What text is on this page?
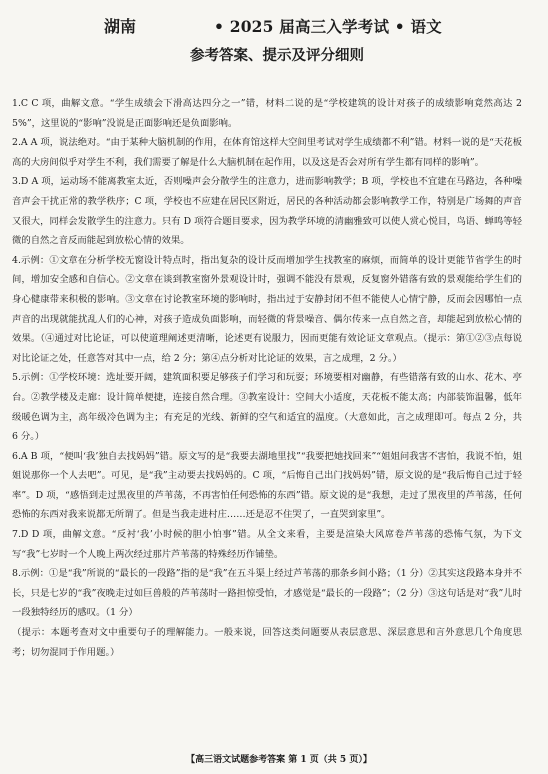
湖南	• 2025 届高三入学考试 • 语文
参考答案、提示及评分细则
1.C C 项，曲解文意。“学生成绩会下滑高达四分之一”错，材料二说的是“学校建筑的设计对孩子的成绩影响竟然高达 25%”，这里说的“影响”没说是正面影响还是负面影响。
2.A A 项，说法绝对。“由于某种大脑机制的作用，在体育馆这样大空间里考试对学生成绩都不利”错。材料一说的是“天花板高的大房间似乎对学生不利，我们需要了解是什么大脑机制在起作用，以及这是否会对所有学生都有同样的影响”。
3.D A 项，运动场不能离教室太近，否则噪声会分散学生的注意力，进而影响教学；B 项，学校也不宜建在马路边，各种噪音声会干扰正常的教学秩序；C 项，学校也不应建在居民区附近，居民的各种活动都会影响教学工作，特别是广场舞的声音又很大，同样会发散学生的注意力。只有 D 项符合题目要求，因为教学环境的清幽雅致可以使人赏心悦目，鸟语、蝉鸣等轻微的自然之音反而能起到放松心情的效果。
4.示例：①文章在分析学校无窗设计特点时，指出复杂的设计反而增加学生找教室的麻烦，而简单的设计更能节省学生的时间，增加安全感和自信心。②文章在谈到教室窗外景观设计时，强调不能没有景观，反复窗外错落有致的景观能给学生们的身心健康带来积极的影响。③文章在讨论教室环境的影响时，指出过于安静封闭不但不能使人心情宁静，反而会因哪怕一点声音的出现就能扰乱人们的心神，对孩子造成负面影响，而轻微的背景噪音、偶尔传来一点自然之音，却能起到放松心情的效果。（④通过对比论证，可以使道理阐述更清晰，论述更有说服力，因而更能有效论证文章观点。（提示：第①②③点每说对比论证之处，任意答对其中一点，给 2 分；第④点分析对比论证的效果，言之成理，2 分。）
5.示例：①学校环境：选址要开阔，建筑面积要足够孩子们学习和玩耍；环境要相对幽静，有些错落有致的山水、花木、亭台。②教学楼及走廊：设计简单便捷，连接自然合理。③教室设计：空间大小适度，天花板不能太高；内部装饰温馨，低年级暖色调为主，高年级冷色调为主；有充足的光线、新鲜的空气和适宜的温度。（大意如此，言之成理即可。每点 2 分，共 6 分。）
6.A B 项，“便叫‘我’独自去找妈妈”错。原文写的是“我要去湖地里找”“我要把她找回来”“姐姐问我害不害怕，我说不怕，姐姐说那你一个人去吧”。可见，是“我”主动要去找妈妈的。C 项，“后悔自己出门找妈妈”错，原文说的是“我后悔自己过于轻率”。D 项，“感悟到走过黑夜里的芦苇荡，不再害怕任何恐怖的东西”错。原文说的是“我想，走过了黑夜里的芦苇荡，任何恐怖的东西对我来说都无所谓了。但是当我走进村庄……还是忍不住哭了，一直哭到家里”。
7.D D 项，曲解文意。“反衬‘我’小时候的胆小怕事”错。从全文来看，主要是渲染大风席卷芦苇荡的恐怖气氛，为下文写“我”七岁时一个人晚上两次经过那片芦苇荡的特殊经历作铺垫。
8.示例：①是“我”所说的“最长的一段路”指的是“我”在五斗渠上经过芦苇荡的那条乡间小路；（1 分）②其实这段路本身并不长，只是七岁的“我”夜晚走过如巨兽般的芦苇荡时一路担惊受怕，才感觉是“最长的一段路”；（2 分）③这句话是对“我”儿时一段独特经历的感叹。（1 分）
（提示：本题考查对文中重要句子的理解能力。一般来说，回答这类问题要从表层意思、深层意思和言外意思几个角度思考；切勿混同于作用题。）
【高三语文试题参考答案 第 1 页（共 5 页）】
